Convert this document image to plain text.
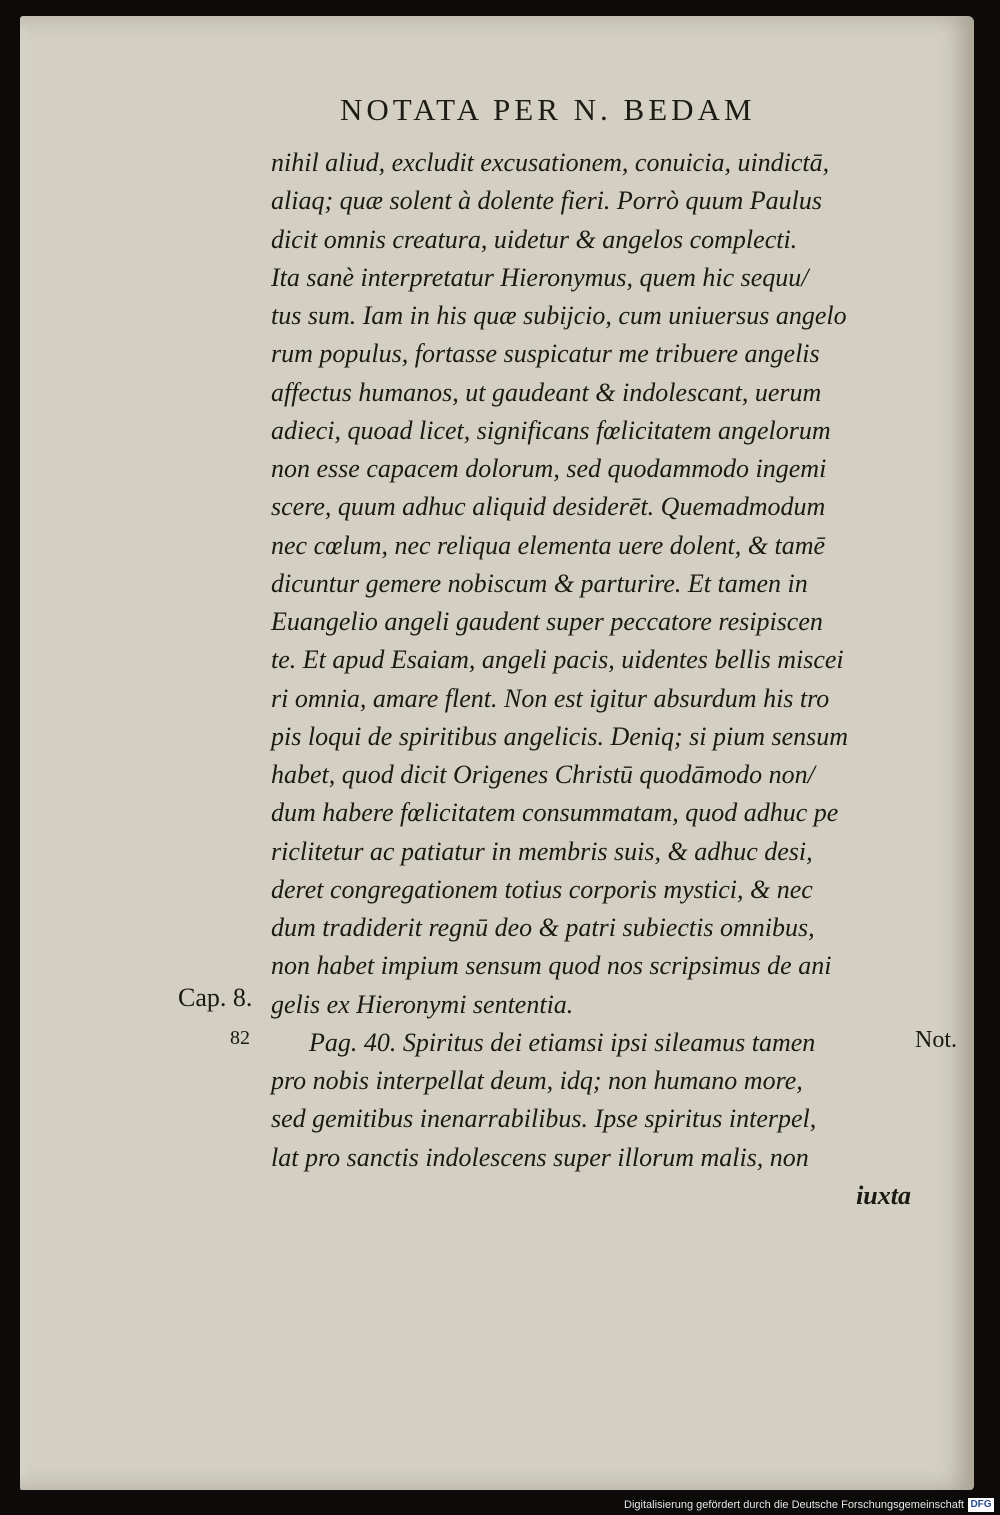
NOTATA PER N. BEDAM
nihil aliud, excludit excusationem, conuicia, uindictā,
aliaq; quæ solent à dolente fieri. Porrò quum Paulus
dicit omnis creatura, uidetur & angelos complecti.
Ita sanè interpretatur Hieronymus, quem hic sequu/
tus sum. Iam in his quæ subijcio, cum uniuersus angelo
rum populus, fortasse suspicatur me tribuere angelis
affectus humanos, ut gaudeant & indolescant, uerum
adieci, quoad licet, significans fœlicitatem angelorum
non esse capacem dolorum, sed quodammodo ingemi
scere, quum adhuc aliquid desiderēt. Quemadmodum
nec cœlum, nec reliqua elementa uere dolent, & tamē
dicuntur gemere nobiscum & parturire. Et tamen in
Euangelio angeli gaudent super peccatore resipiscen
te. Et apud Esaiam, angeli pacis, uidentes bellis miscei
ri omnia, amare flent. Non est igitur absurdum his tro
pis loqui de spiritibus angelicis. Deniq; si pium sensum
habet, quod dicit Origenes Christū quodāmodo non/
dum habere fœlicitatem consummatam, quod adhuc pe
riclitetur ac patiatur in membris suis, & adhuc desi,
deret congregationem totius corporis mystici, & nec
dum tradiderit regnū deo & patri subiectis omnibus,
non habet impium sensum quod nos scripsimus de ani
gelis ex Hieronymi sententia.
Pag. 40. Spiritus dei etiamsi ipsi sileamus tamen
pro nobis interpellat deum, idq; non humano more,
sed gemitibus inenarrabilibus. Ipse spiritus interpel,
lat pro sanctis indolescens super illorum malis, non
iuxta
Cap. 8.
82	Not.
Digitalisierung gefördert durch die Deutsche Forschungsgemeinschaft DFG
